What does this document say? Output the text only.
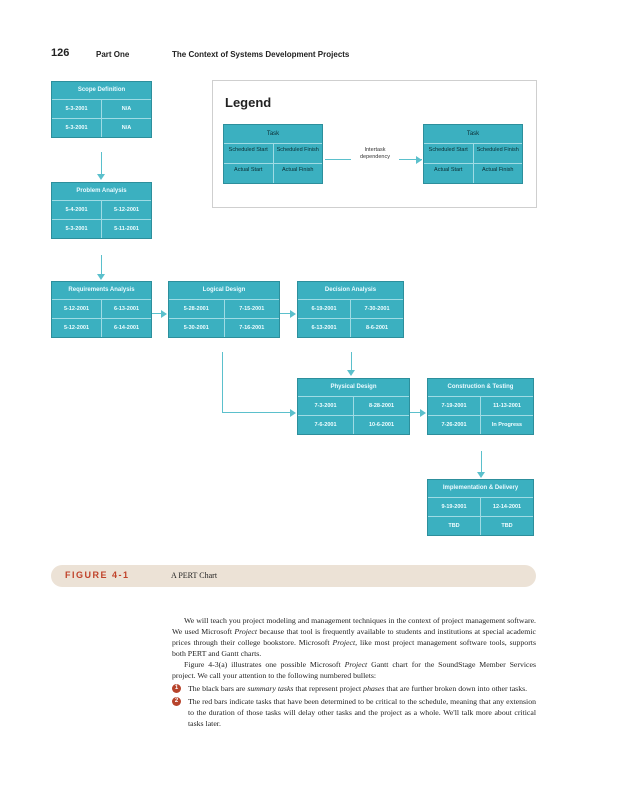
126	Part One	The Context of Systems Development Projects
Legend
Task
Scheduled Start	Scheduled Finish
Actual Start	Actual Finish
Intertask dependency
Task
Scheduled Start	Scheduled Finish
Actual Start	Actual Finish
Scope Definition
5-3-2001	N/A
5-3-2001	N/A
Problem Analysis
5-4-2001	5-12-2001
5-3-2001	5-11-2001
Requirements Analysis
5-12-2001	6-13-2001
5-12-2001	6-14-2001
Logical Design
5-28-2001	7-15-2001
5-30-2001	7-16-2001
Decision Analysis
6-19-2001	7-30-2001
6-13-2001	8-6-2001
Physical Design
7-3-2001	8-28-2001
7-6-2001	10-6-2001
Construction & Testing
7-19-2001	11-13-2001
7-26-2001	In Progress
Implementation & Delivery
9-19-2001	12-14-2001
TBD	TBD
FIGURE 4-1	A PERT Chart

We will teach you project modeling and management techniques in the context of project management software. We used Microsoft Project because that tool is frequently available to students and institutions at special academic prices through their college bookstore. Microsoft Project, like most project management software tools, supports both PERT and Gantt charts.

Figure 4-3(a) illustrates one possible Microsoft Project Gantt chart for the SoundStage Member Services project. We call your attention to the following numbered bullets:

1	The black bars are summary tasks that represent project phases that are further broken down into other tasks.
2	The red bars indicate tasks that have been determined to be critical to the schedule, meaning that any extension to the duration of those tasks will delay other tasks and the project as a whole. We'll talk more about critical tasks later.
